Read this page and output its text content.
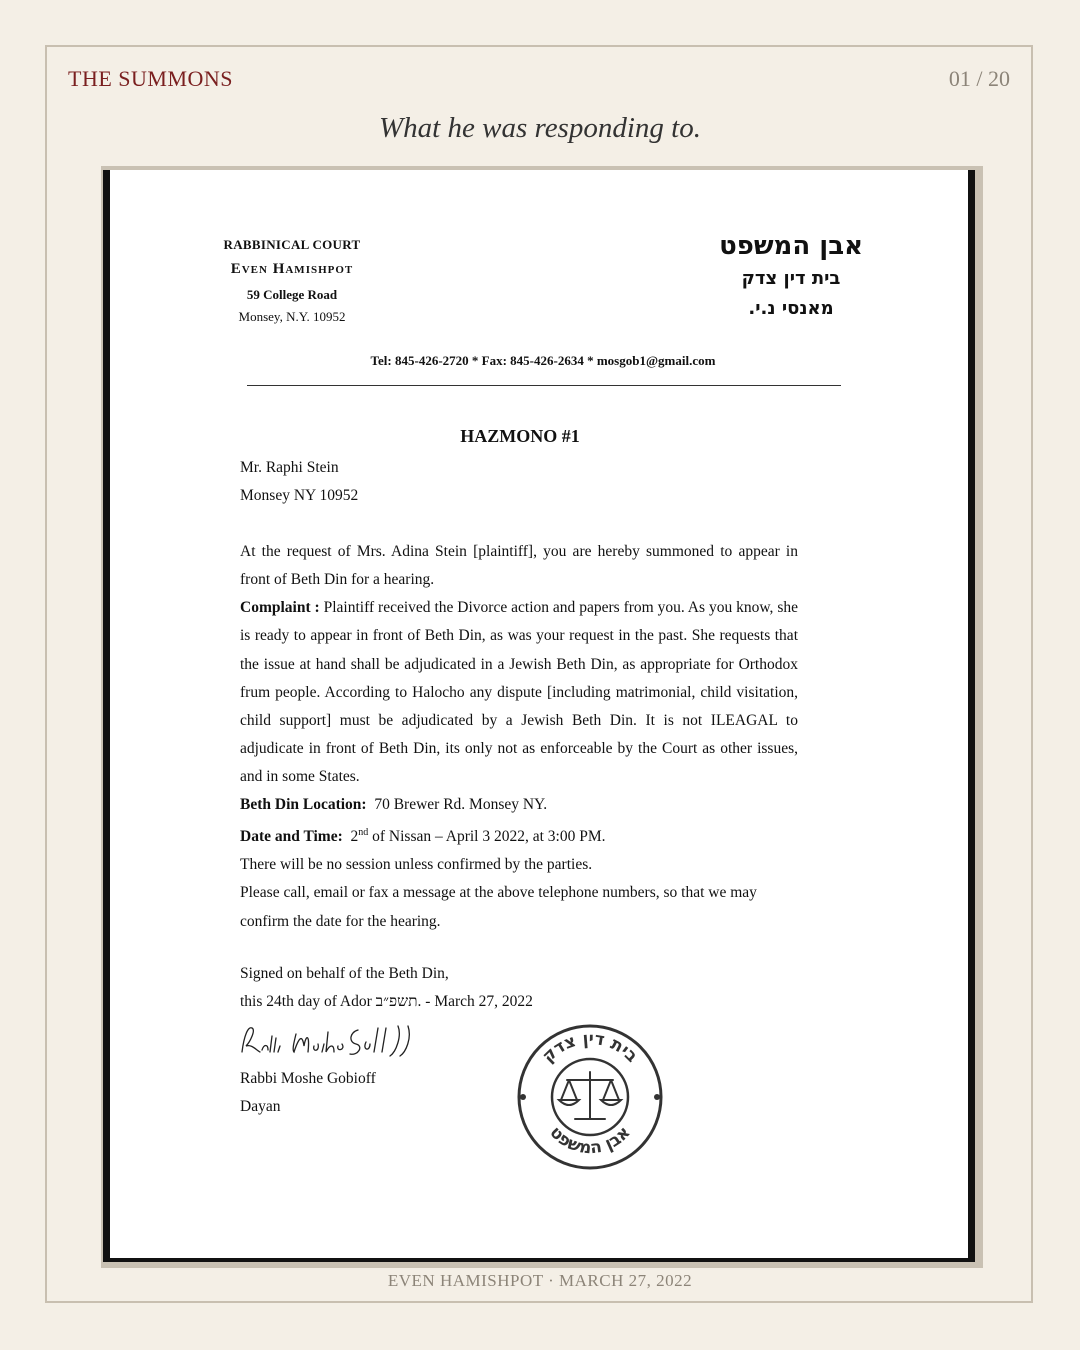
THE SUMMONS	01 / 20
What he was responding to.
RABBINICAL COURT
Even Hamishpot
59 College Road
Monsey, N.Y. 10952
אבן המשפט
בית דין צדק
מאנסי נ.י.
Tel: 845-426-2720 * Fax: 845-426-2634 * mosgob1@gmail.com
HAZMONO #1

Mr. Raphi Stein

Monsey NY 10952

At the request of Mrs. Adina Stein [plaintiff], you are hereby summoned to appear in front of Beth Din for a hearing.

Complaint : Plaintiff received the Divorce action and papers from you. As you know, she is ready to appear in front of Beth Din, as was your request in the past. She requests that the issue at hand shall be adjudicated in a Jewish Beth Din, as appropriate for Orthodox frum people. According to Halocho any dispute [including matrimonial, child visitation, child support] must be adjudicated by a Jewish Beth Din. It is not ILEAGAL to adjudicate in front of Beth Din, its only not as enforceable by the Court as other issues, and in some States.

Beth Din Location: 70 Brewer Rd. Monsey NY.

Date and Time: 2nd of Nissan – April 3 2022, at 3:00 PM.

There will be no session unless confirmed by the parties.

Please call, email or fax a message at the above telephone numbers, so that we may confirm the date for the hearing.

Signed on behalf of the Beth Din,

this 24th day of Ador ‎תשפ״ב.‎ - March 27, 2022

Rabbi Moshe Gobioff
Dayan
בית דין צדק
אבן המשפט
EVEN HAMISHPOT · MARCH 27, 2022
